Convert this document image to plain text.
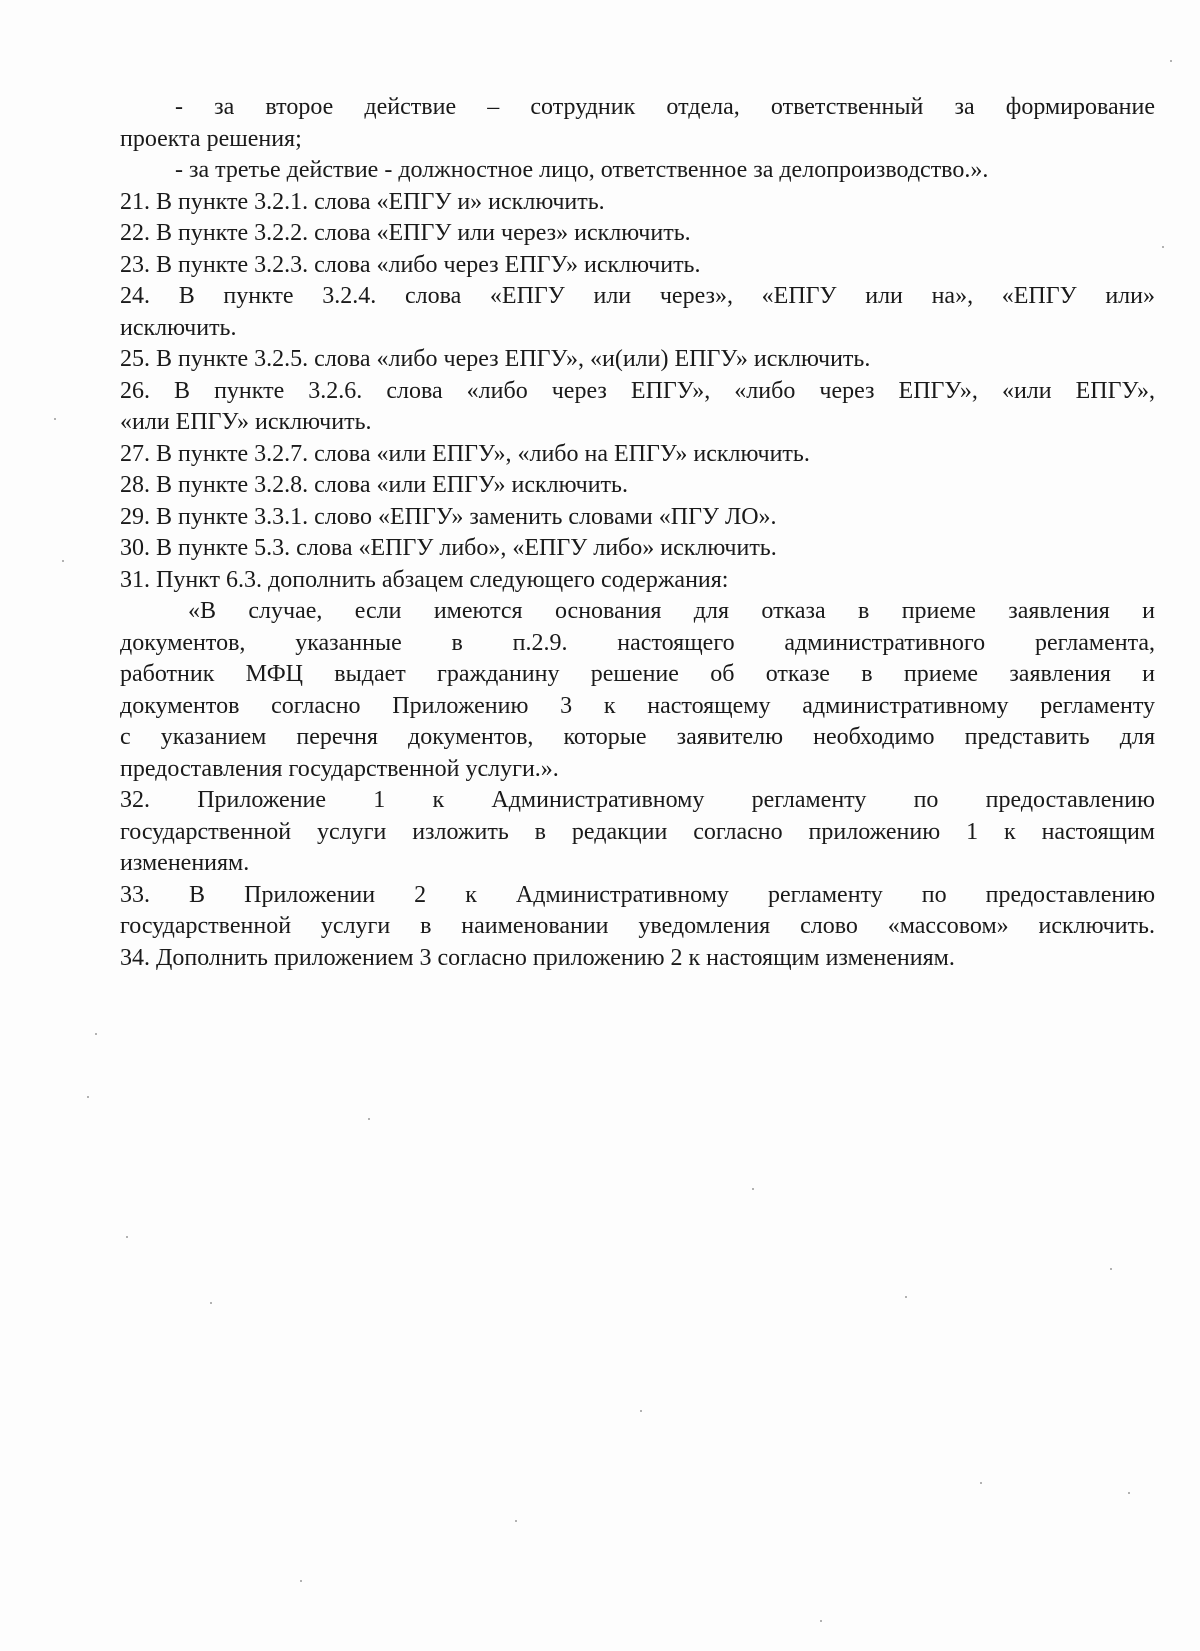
- за второе действие – сотрудник отдела, ответственный за формирование
проекта решения;
- за третье действие - должностное лицо, ответственное за делопроизводство.».
21. В пункте 3.2.1. слова «ЕПГУ и» исключить.
22. В пункте 3.2.2. слова «ЕПГУ или через» исключить.
23. В пункте 3.2.3. слова «либо через ЕПГУ» исключить.
24. В пункте 3.2.4. слова «ЕПГУ или через», «ЕПГУ или на», «ЕПГУ или»
исключить.
25. В пункте 3.2.5. слова «либо через ЕПГУ», «и(или) ЕПГУ» исключить.
26. В пункте 3.2.6. слова «либо через ЕПГУ», «либо через ЕПГУ», «или ЕПГУ»,
«или ЕПГУ» исключить.
27. В пункте 3.2.7. слова «или ЕПГУ», «либо на ЕПГУ» исключить.
28. В пункте 3.2.8. слова «или ЕПГУ» исключить.
29. В пункте 3.3.1. слово «ЕПГУ» заменить словами «ПГУ ЛО».
30. В пункте 5.3. слова «ЕПГУ либо», «ЕПГУ либо» исключить.
31. Пункт 6.3. дополнить абзацем следующего содержания:
«В случае, если имеются основания для отказа в приеме заявления и
документов, указанные в п.2.9. настоящего административного регламента,
работник МФЦ выдает гражданину решение об отказе в приеме заявления и
документов согласно Приложению 3 к настоящему административному регламенту
с указанием перечня документов, которые заявителю необходимо представить для
предоставления государственной услуги.».
32. Приложение 1 к Административному регламенту по предоставлению
государственной услуги изложить в редакции согласно приложению 1 к настоящим
изменениям.
33. В Приложении 2 к Административному регламенту по предоставлению
государственной услуги в наименовании уведомления слово «массовом» исключить.
34. Дополнить приложением 3 согласно приложению 2 к настоящим изменениям.
